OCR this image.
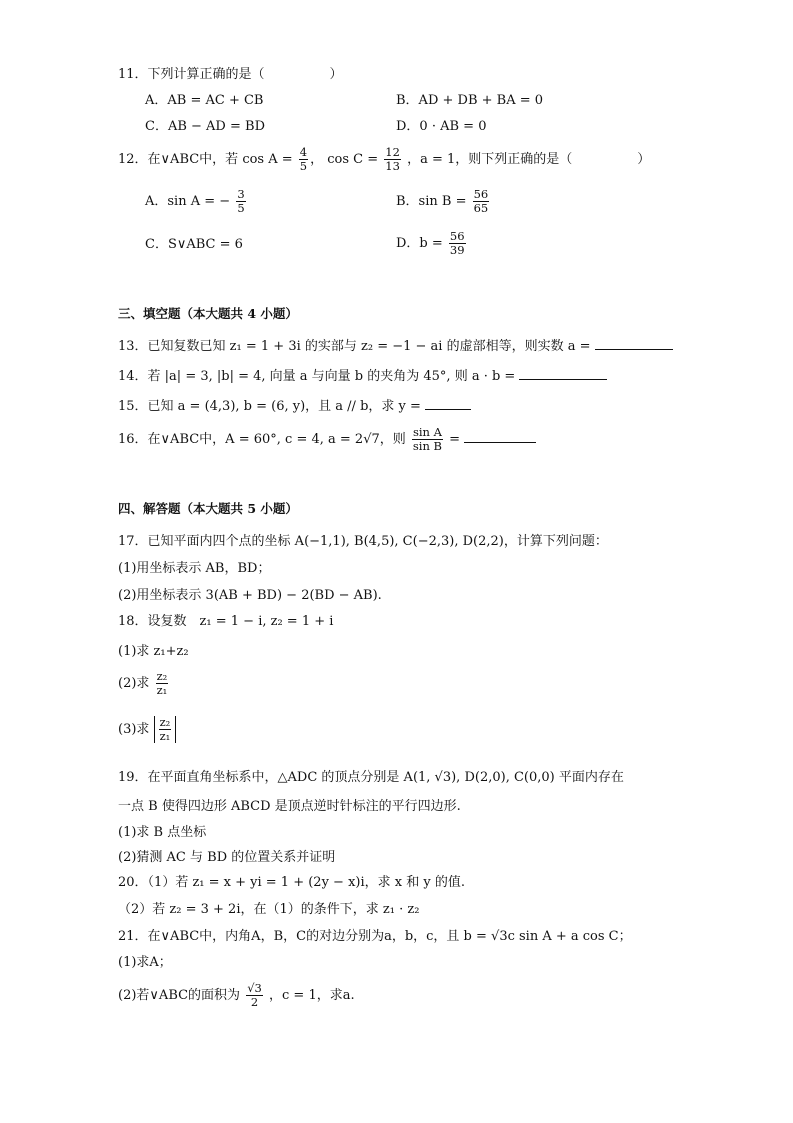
11．下列计算正确的是（　　　　　）
A．AB = AC + CB	B．AD + DB + BA = 0
C．AB − AD = BD	D．0 · AB = 0
12．在∨ABC中，若 $\cos A = \frac{4}{5}$ ， $\cos C = \frac{12}{13}$ ，a = 1，则下列正确的是（　　　　　）
A．sin A = − $\frac{3}{5}$	B．$\sin B = \frac{56}{65}$
C．S∨ABC = 6	D．$b = \frac{56}{39}$
三、填空题（本大题共 4 小题）
13．已知复数已知 z₁ = 1 + 3i 的实部与 z₂ = −1 − ai 的虚部相等，则实数 a =
14．若 |a| = 3, |b| = 4, 向量 a 与向量 b 的夹角为 45°, 则 a · b =
15．已知 a = (4,3), b = (6, y)，且 a // b，求 y =
16．在∨ABC中，A = 60°, c = 4, a = 2√7，则 $\frac{\text{sin A}}{\text{sin B}}$ =
四、解答题（本大题共 5 小题）
17．已知平面内四个点的坐标 A(−1,1), B(4,5), C(−2,3), D(2,2)，计算下列问题：
(1)用坐标表示 AB，BD；
(2)用坐标表示 3(AB + BD) − 2(BD − AB).
18．设复数　z₁ = 1 − i, z₂ = 1 + i
(1)求 z₁+z₂
(2)求 $\frac{\text{z₂}}{\text{z₁}}$
(3)求 $\frac{\text{z₂}}{\text{z₁}}$
19．在平面直角坐标系中，△ADC 的顶点分别是 A(1, √3), D(2,0), C(0,0) 平面内存在
一点 B 使得四边形 ABCD 是顶点逆时针标注的平行四边形.
(1)求 B 点坐标
(2)猜测 AC 与 BD 的位置关系并证明
20．（1）若 z₁ = x + yi = 1 + (2y − x)i，求 x 和 y 的值.
（2）若 z₂ = 3 + 2i，在（1）的条件下，求 z₁ · z₂
21．在∨ABC中，内角A，B，C的对边分别为a，b，c，且 b = √3c sin A + a cos C；
(1)求A；
(2)若∨ABC的面积为 $\frac{√3}{2}$ ，c = 1，求a.
